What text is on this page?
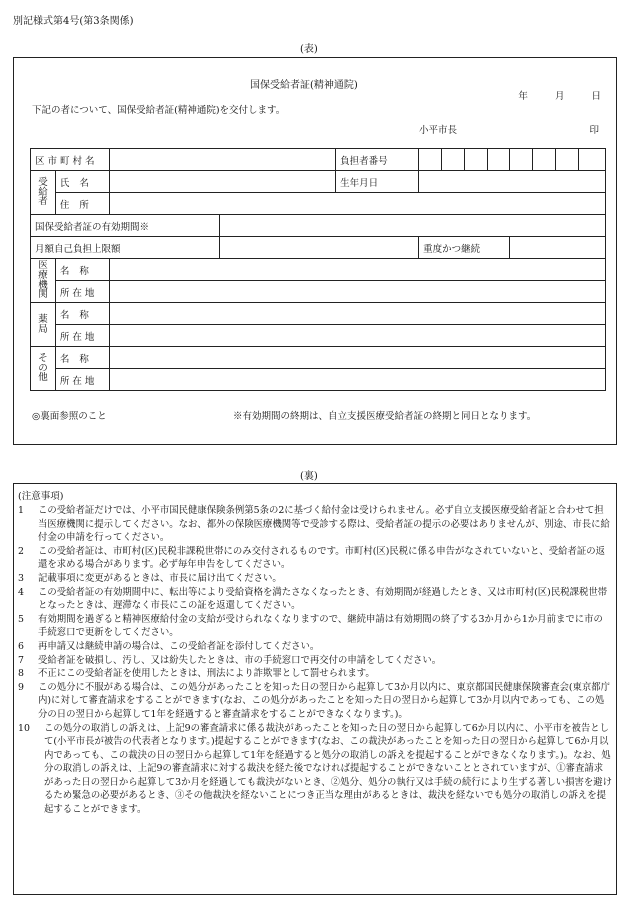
別記様式第4号(第3条関係)
(表)
国保受給者証(精神通院)
年	月	日
下記の者について、国保受給者証(精神通院)を交付します。
小平市長	印
区市町村名				負担者番号								
受
給
者	氏名			生年月日								
	住所											
国保受給者証の有効期間※												
月額自己負担上限額					重度かつ継続							
医
療
機
関	名称											
	所在地											
薬
局	名称											
	所在地											
そ
の
他	名称											
	所在地											
◎裏面参照のこと	※有効期間の終期は、自立支援医療受給者証の終期と同日となります。
(裏)
(注意事項)
1 この受給者証だけでは、小平市国民健康保険条例第5条の2に基づく給付金は受けられません。必ず自立支援医療受給者証と合わせて担当医療機関に提示してください。なお、都外の保険医療機関等で受診する際は、受給者証の提示の必要はありませんが、別途、市長に給付金の申請を行ってください。
2 この受給者証は、市町村(区)民税非課税世帯にのみ交付されるものです。市町村(区)民税に係る申告がなされていないと、受給者証の返還を求める場合があります。必ず毎年申告をしてください。
3 記載事項に変更があるときは、市長に届け出てください。
4 この受給者証の有効期間中に、転出等により受給資格を満たさなくなったとき、有効期間が経過したとき、又は市町村(区)民税課税世帯となったときは、遅滞なく市長にこの証を返還してください。
5 有効期間を過ぎると精神医療給付金の支給が受けられなくなりますので、継続申請は有効期間の終了する3か月から1か月前までに市の手続窓口で更新をしてください。
6 再申請又は継続申請の場合は、この受給者証を添付してください。
7 受給者証を破損し、汚し、又は紛失したときは、市の手続窓口で再交付の申請をしてください。
8 不正にこの受給者証を使用したときは、刑法により詐欺罪として罰せられます。
9 この処分に不服がある場合は、この処分があったことを知った日の翌日から起算して3か月以内に、東京都国民健康保険審査会(東京都庁内)に対して審査請求をすることができます(なお、この処分があったことを知った日の翌日から起算して3か月以内であっても、この処分の日の翌日から起算して1年を経過すると審査請求をすることができなくなります。)。
10 この処分の取消しの訴えは、上記9の審査請求に係る裁決があったことを知った日の翌日から起算して6か月以内に、小平市を被告として(小平市長が被告の代表者となります。)提起することができます(なお、この裁決があったことを知った日の翌日から起算して6か月以内であっても、この裁決の日の翌日から起算して1年を経過すると処分の取消しの訴えを提起することができなくなります。)。なお、処分の取消しの訴えは、上記9の審査請求に対する裁決を経た後でなければ提起することができないこととされていますが、①審査請求があった日の翌日から起算して3か月を経過しても裁決がないとき、②処分、処分の執行又は手続の続行により生ずる著しい損害を避けるため緊急の必要があるとき、③その他裁決を経ないことにつき正当な理由があるときは、裁決を経ないでも処分の取消しの訴えを提起することができます。
